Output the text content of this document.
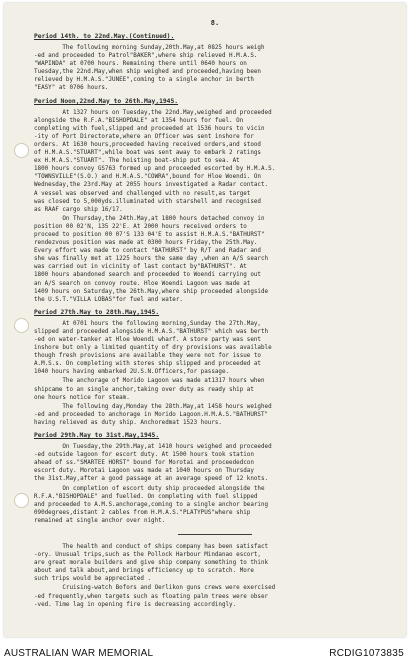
8.
Period 14th. to 22nd.May.(Continued).

The following morning Sunday,20th.May,at 0825 hours weigh
-ed and proceeded to Patrol"BAKER",where ship relieved H.M.A.S.
"WAPINDA" at 0700 hours. Remaining there until 0640 hours on
Tuesday,the 22nd.May,when ship weighed and proceeded,having been
relieved by H.M.A.S."JUNEE",coming to a single anchor in berth
"EASY" at 0706 hours.

Period Noon,22nd.May to 26th.May,1945.

At 1327 hours on Tuesday,the 22nd.May,weighed and proceeded
alongside the R.F.A."BISHOPDALE" at 1354 hours for fuel. On
completing with fuel,slipped and proceeded at 1536 hours to vicin
-ity of Port Directorate,where an Officer was sent inshore for
orders. At 1630 hours,proceeded having received orders,and stood
of H.M.A.S."STUART",while boat was sent away to embark 2 ratings
ex H.M.A.S."STUART". The hoisting boat-ship put to sea. At
1800 hours convoy GS763 formed up and proceeded escorted by H.M.A.S.
"TOWNSVILLE"(S.O.) and H.M.A.S."COWRA",bound for Hloe Woendi. On
Wednesday,the 23rd.May at 2055 hours investigated a Radar contact.
A vessel was observed and challenged with no result,as target
was closed to 5,000yds.illuminated with starshell and recognised
as RAAF cargo ship 16/17.

On Thursday,the 24th.May,at 1800 hours detached convoy in
position 00 02'N, 135 22'E. At 2000 hours received orders to
proceed to position 00 07'S 133 04'E to assist H.M.A.S."BATHURST"
rendezvous position was made at 0300 hours Friday,the 25th.May.
Every effort was made to contact "BATHURST" by R/T and Radar and
she was finally met at 1225 hours the same day ,when an A/S search
was carried out in vicinity of last contact by"BATHURST". At
1800 hours abandoned search and proceeded to Woendi carrying out
an A/S search on convoy route. Hloe Woendi Lagoon was made at
1409 hours on Saturday,the 26th.May,where ship proceeded alongside
the U.S.T."VILLA LOBAS"for fuel and water.

Period 27th.May to 28th.May,1945.

At 0701 hours the following morning,Sunday the 27th.May,
slipped and proceeded alongside H.M.A.S."BATHURST" which was berth
-ed on water-tanker at Hloe Woendi wharf. A store party was sent
inshore but only a limited quantity of dry provisions was available
though fresh provisions are available they were not for issue to
A.M.S.s. On completing with stores ship slipped and proceeded at
1040 hours having embarked 2U.S.N.Officers,for passage.

The anchorage of Morido Lagoon was made at1317 hours when
shipcame to an single anchor,taking over duty as ready ship at
one hours notice for steam.

The following day,Monday the 28th.May,at 1458 hours weighed
-ed and proceeded to anchorage in Morido Lagoon.H.M.A.S."BATHURST"
having relieved as duty ship. Anchoredmat 1523 hours.

Period 29th.May to 31st.May,1945.

On Tuesday,the 29th.May,at 1410 hours weighed and proceeded
-ed outside lagoon for escort duty. At 1500 hours took station
ahead of ss."SMARTEE HORST" bound for Morotai and proceededcon
escort duty. Morotai Lagoon was made at 1040 hours on Thursday
the 31st.May,after a good passage at an average speed of 12 knots.

On completion of escort duty ship proceeded alongside the
R.F.A."BISHOPDALE" and fuelled. On completing with fuel slipped
and proceeded to A.M.S.anchorage,coming to a single anchor bearing
090degrees,distant 2 cables from H.M.A.S."PLATYPUS"where ship
remained at single anchor over night.

The health and conduct of ships company has been satisfact
-ory. Unusual trips,such as the Pollock Harbour Mindanao escort,
are great morale builders and give ship company something to think
about and talk about,and brings efficiency up to scratch. More
such trips would be appreciated .

Cruising-watch Bofors and Oerlikon guns crews were exercised
-ed frequently,when targets such as floating palm trees were obser
-ved. Time lag in opening fire is decreasing accordingly.

AUSTRALIAN WAR MEMORIAL	RCDIG1073835
